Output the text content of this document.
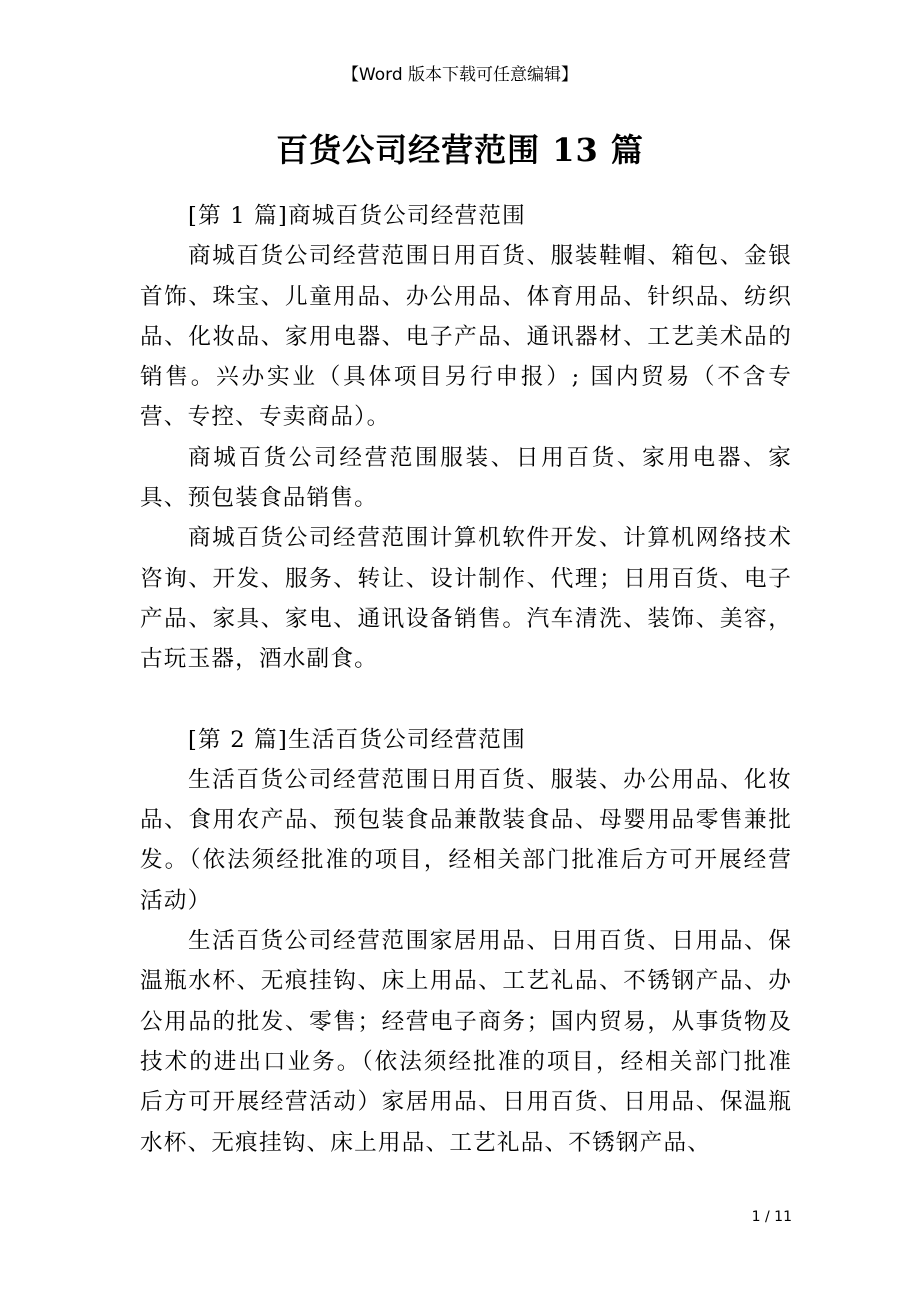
【Word 版本下载可任意编辑】
百货公司经营范围 13 篇

[第 1 篇]商城百货公司经营范围

商城百货公司经营范围日用百货、服装鞋帽、箱包、金银首饰、珠宝、儿童用品、办公用品、体育用品、针织品、纺织品、化妆品、家用电器、电子产品、通讯器材、工艺美术品的销售。兴办实业（具体项目另行申报）; 国内贸易（不含专营、专控、专卖商品）。

商城百货公司经营范围服装、日用百货、家用电器、家具、预包装食品销售。

商城百货公司经营范围计算机软件开发、计算机网络技术咨询、开发、服务、转让、设计制作、代理；日用百货、电子产品、家具、家电、通讯设备销售。汽车清洗、装饰、美容，古玩玉器，酒水副食。

[第 2 篇]生活百货公司经营范围

生活百货公司经营范围日用百货、服装、办公用品、化妆品、食用农产品、预包装食品兼散装食品、母婴用品零售兼批发。（依法须经批准的项目，经相关部门批准后方可开展经营活动）

生活百货公司经营范围家居用品、日用百货、日用品、保温瓶水杯、无痕挂钩、床上用品、工艺礼品、不锈钢产品、办公用品的批发、零售；经营电子商务；国内贸易，从事货物及技术的进出口业务。（依法须经批准的项目，经相关部门批准后方可开展经营活动）家居用品、日用百货、日用品、保温瓶水杯、无痕挂钩、床上用品、工艺礼品、不锈钢产品、

1 / 11
